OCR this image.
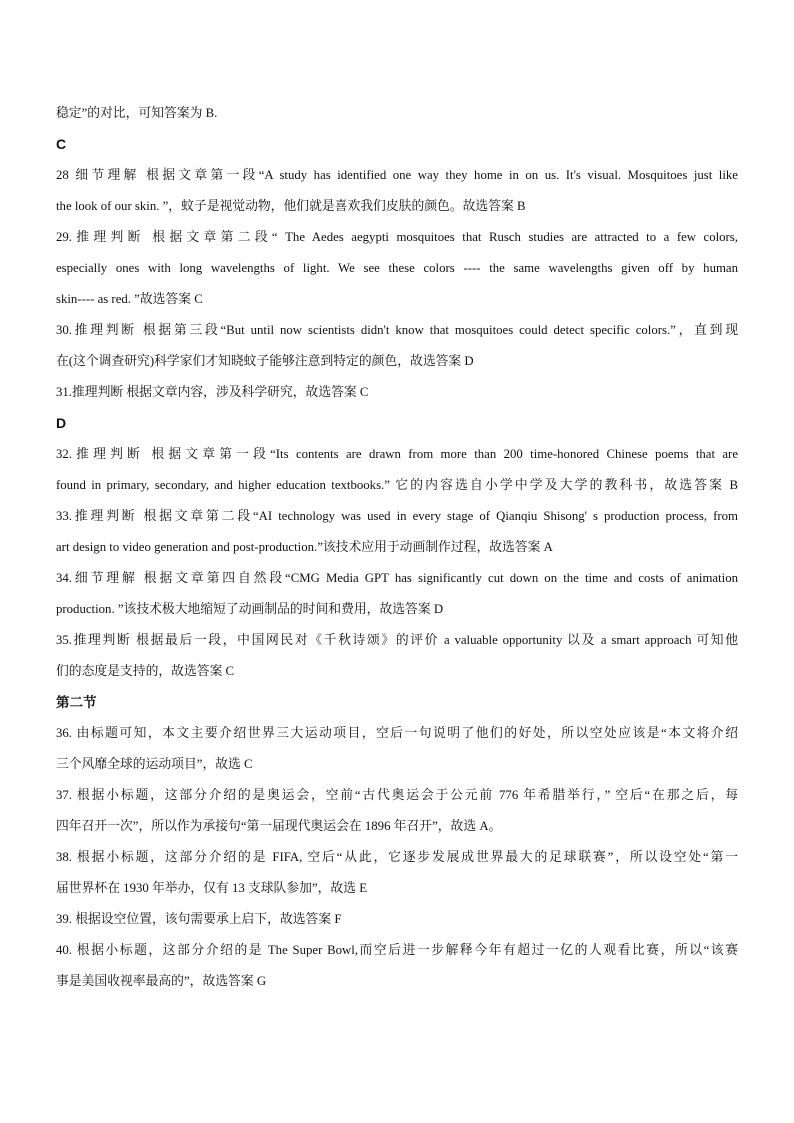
稳定”的对比，可知答案为 B.
C
28 细节理解 根据文章第一段“A study has identified one way they home in on us. It's visual. Mosquitoes just like
the look of our skin. ”，蚊子是视觉动物，他们就是喜欢我们皮肤的颜色。故选答案 B
29.推理判断 根据文章第二段“ The Aedes aegypti mosquitoes that Rusch studies are attracted to a few colors,
especially ones with long wavelengths of light. We see these colors ---- the same wavelengths given off by human
skin---- as red. ”故选答案 C
30.推理判断 根据第三段“But until now scientists didn't know that mosquitoes could detect specific colors.”，直到现
在(这个调查研究)科学家们才知晓蚊子能够注意到特定的颜色，故选答案 D
31.推理判断 根据文章内容，涉及科学研究，故选答案 C
D
32.推理判断 根据文章第一段“Its contents are drawn from more than 200 time-honored Chinese poems that are
found in primary, secondary, and higher education textbooks.” 它的内容选自小学中学及大学的教科书，故选答案 B
33.推理判断 根据文章第二段“AI technology was used in every stage of Qianqiu Shisong' s production process, from
art design to video generation and post-production.”该技术应用于动画制作过程，故选答案 A
34.细节理解 根据文章第四自然段“CMG Media GPT has significantly cut down on the time and costs of animation
production. ”该技术极大地缩短了动画制品的时间和费用，故选答案 D
35.推理判断 根据最后一段，中国网民对《千秋诗颂》的评价 a valuable opportunity 以及 a smart approach 可知他
们的态度是支持的，故选答案 C
第二节
36. 由标题可知，本文主要介绍世界三大运动项目，空后一句说明了他们的好处，所以空处应该是“本文将介绍
三个风靡全球的运动项目”，故选 C
37. 根据小标题，这部分介绍的是奥运会，空前“古代奥运会于公元前 776 年希腊举行，” 空后“在那之后，每
四年召开一次”，所以作为承接句“第一届现代奥运会在 1896 年召开”，故选 A。
38. 根据小标题，这部分介绍的是 FIFA, 空后“从此，它逐步发展成世界最大的足球联赛”，所以设空处“第一
届世界杯在 1930 年举办，仅有 13 支球队参加”，故选 E
39. 根据设空位置，该句需要承上启下，故选答案 F
40. 根据小标题，这部分介绍的是 The Super Bowl,而空后进一步解释今年有超过一亿的人观看比赛，所以“该赛
事是美国收视率最高的”，故选答案 G
